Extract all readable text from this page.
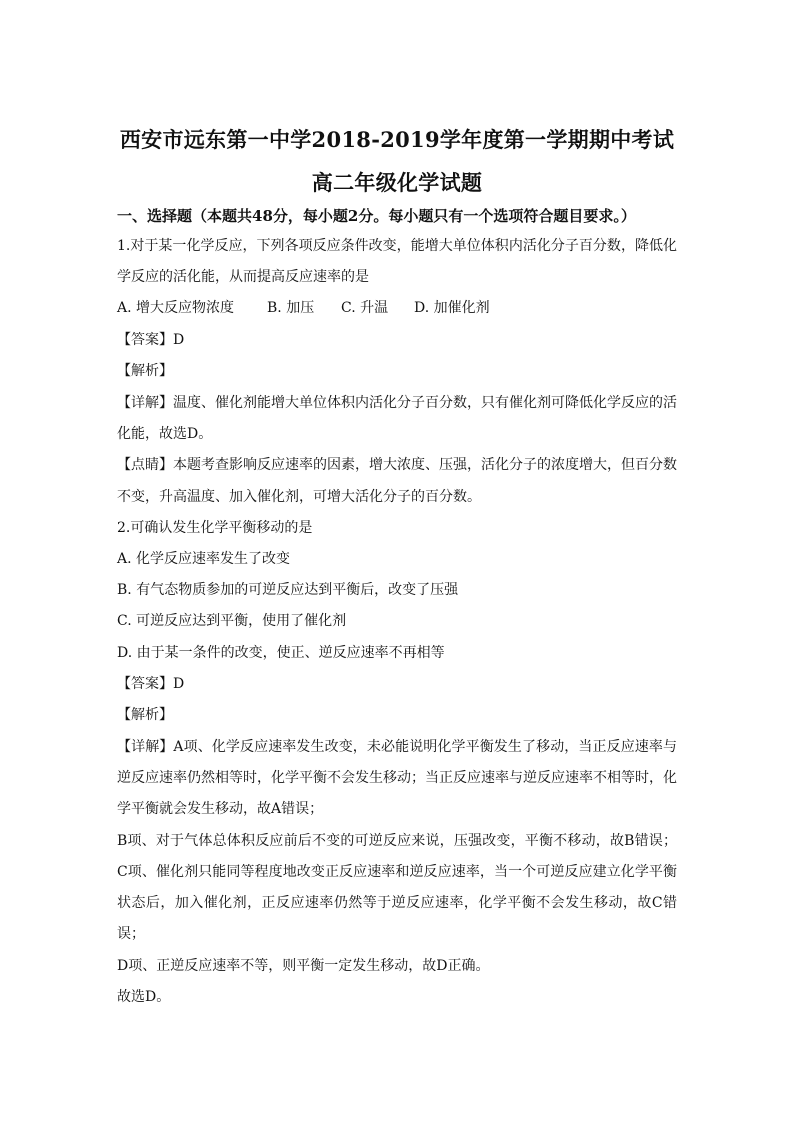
西安市远东第一中学2018-2019学年度第一学期期中考试
高二年级化学试题
一、选择题（本题共48分，每小题2分。每小题只有一个选项符合题目要求。）
1.对于某一化学反应，下列各项反应条件改变，能增大单位体积内活化分子百分数，降低化
学反应的活化能，从而提高反应速率的是
A. 增大反应物浓度 B. 加压 C. 升温 D. 加催化剂
【答案】D
【解析】
【详解】温度、催化剂能增大单位体积内活化分子百分数，只有催化剂可降低化学反应的活
化能，故选D。
【点睛】本题考查影响反应速率的因素，增大浓度、压强，活化分子的浓度增大，但百分数
不变，升高温度、加入催化剂，可增大活化分子的百分数。
2.可确认发生化学平衡移动的是
A. 化学反应速率发生了改变
B. 有气态物质参加的可逆反应达到平衡后，改变了压强
C. 可逆反应达到平衡，使用了催化剂
D. 由于某一条件的改变，使正、逆反应速率不再相等
【答案】D
【解析】
【详解】A项、化学反应速率发生改变，未必能说明化学平衡发生了移动，当正反应速率与
逆反应速率仍然相等时，化学平衡不会发生移动；当正反应速率与逆反应速率不相等时，化
学平衡就会发生移动，故A错误；
B项、对于气体总体积反应前后不变的可逆反应来说，压强改变，平衡不移动，故B错误；
C项、催化剂只能同等程度地改变正反应速率和逆反应速率，当一个可逆反应建立化学平衡
状态后，加入催化剂，正反应速率仍然等于逆反应速率，化学平衡不会发生移动，故C错
误；
D项、正逆反应速率不等，则平衡一定发生移动，故D正确。
故选D。
